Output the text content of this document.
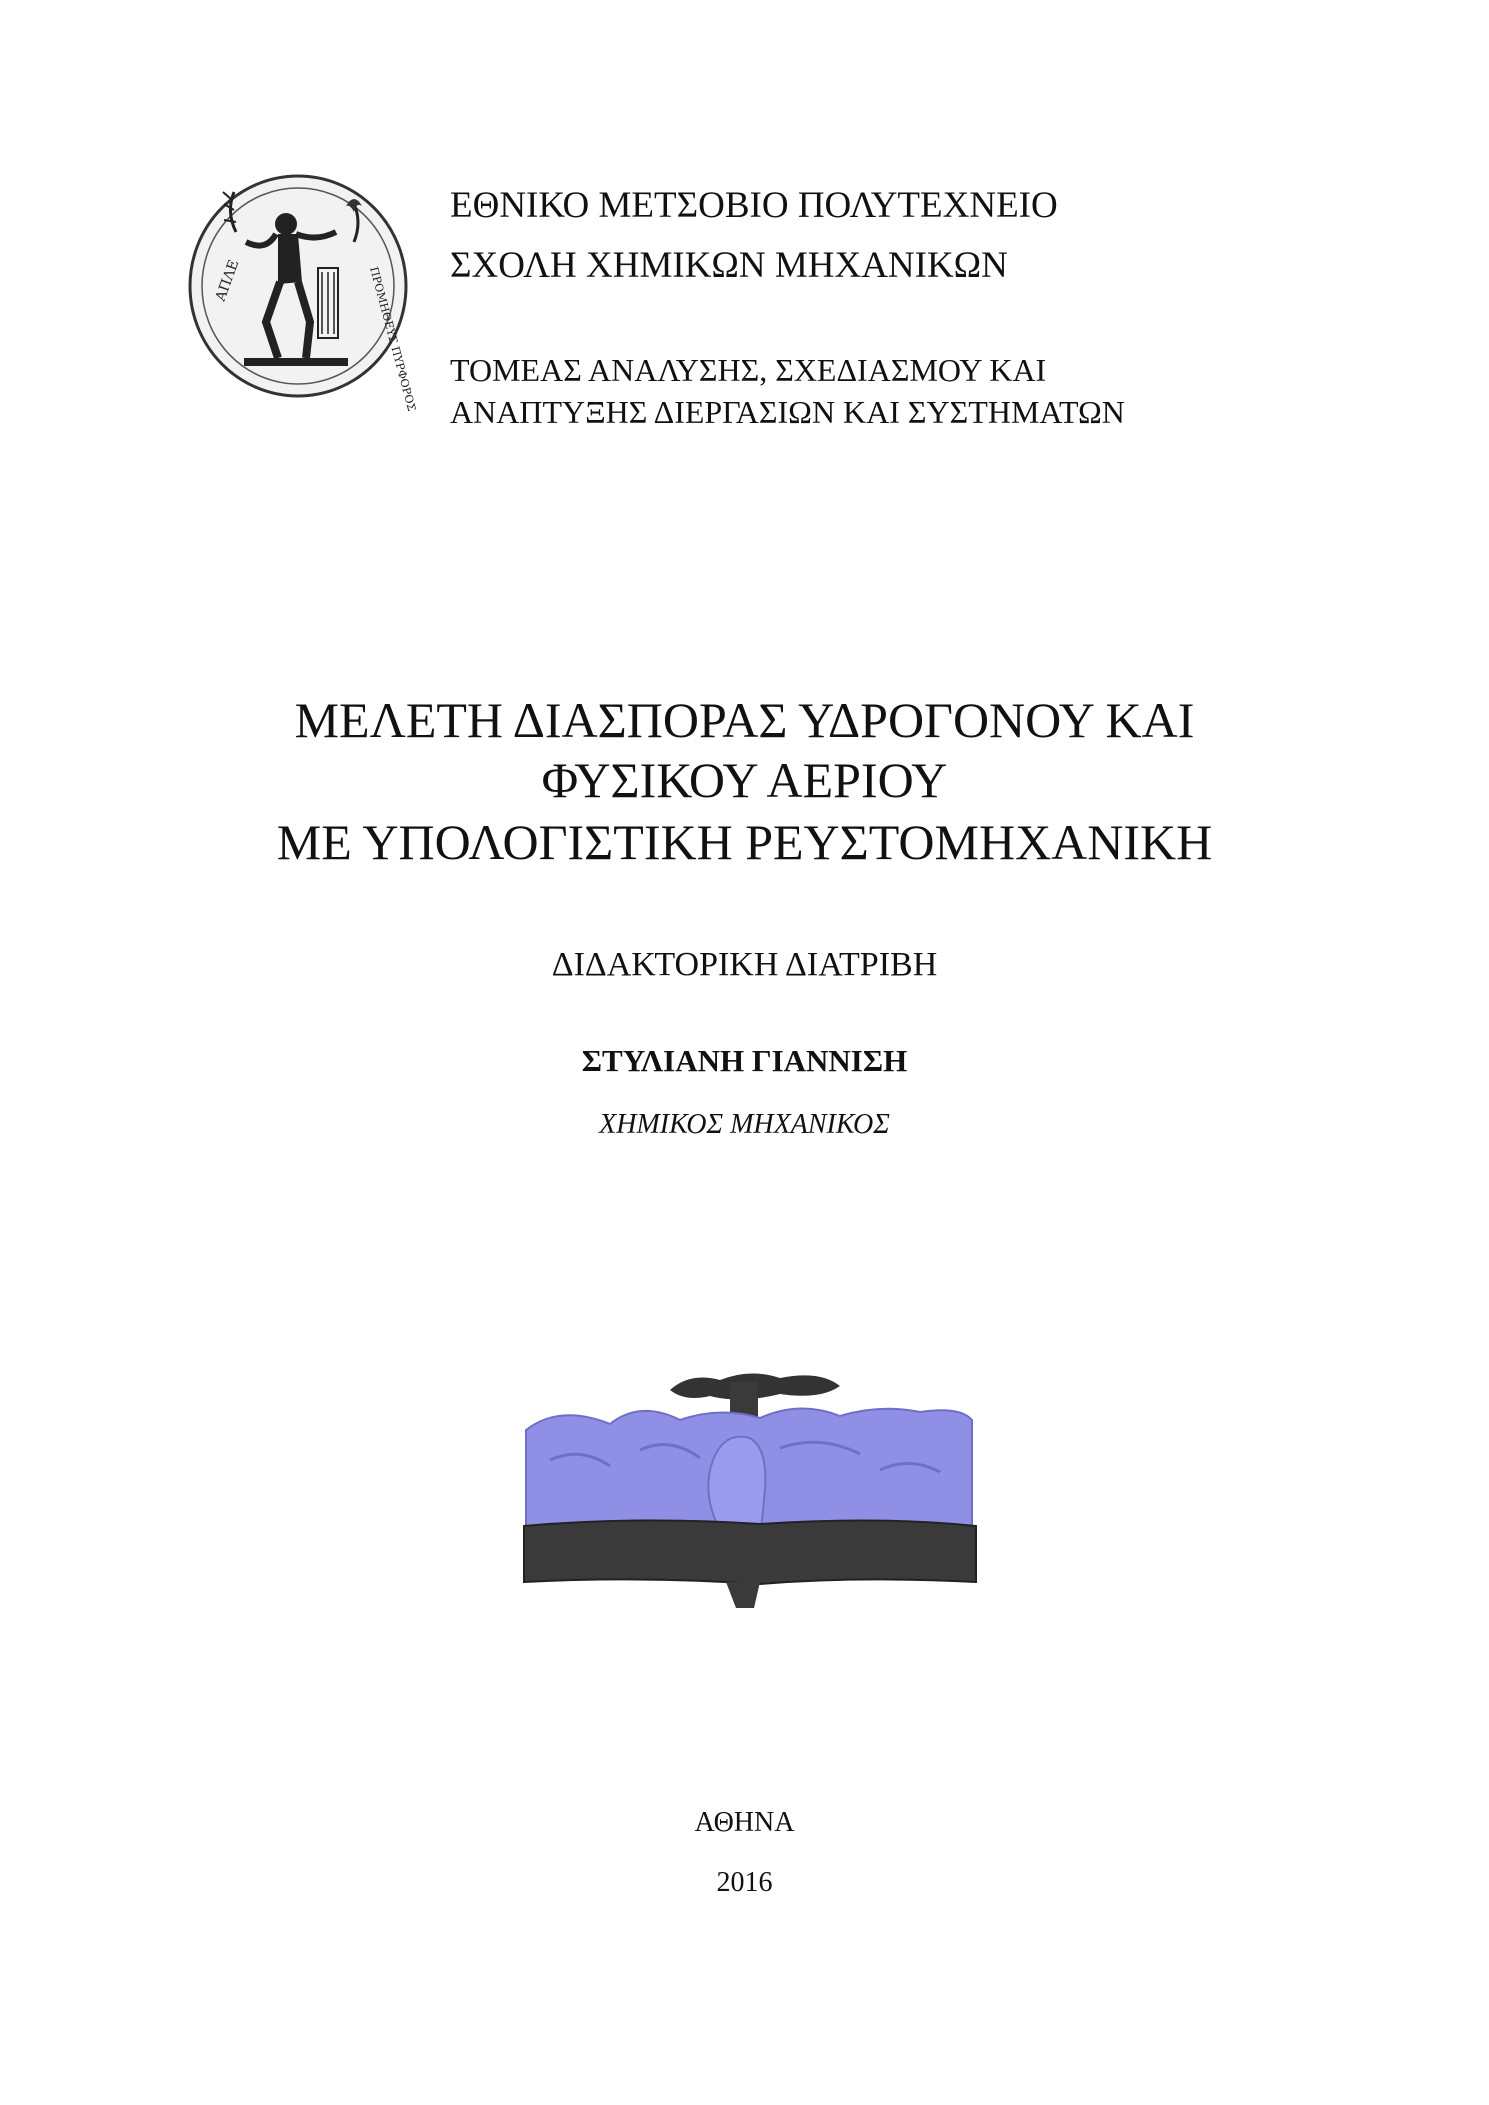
ΑΠΛΕ	ΠΡΟΜΗΘΕΥΣ ΠΥΡΦΟΡΟΣ
ΕΘΝΙΚΟ ΜΕΤΣΟΒΙΟ ΠΟΛΥΤΕΧΝΕΙΟ
ΣΧΟΛΗ ΧΗΜΙΚΩΝ ΜΗΧΑΝΙΚΩΝ
ΤΟΜΕΑΣ ΑΝΑΛΥΣΗΣ, ΣΧΕΔΙΑΣΜΟΥ ΚΑΙ
ΑΝΑΠΤΥΞΗΣ ΔΙΕΡΓΑΣΙΩΝ ΚΑΙ ΣΥΣΤΗΜΑΤΩΝ
ΜΕΛΕΤΗ ΔΙΑΣΠΟΡΑΣ ΥΔΡΟΓΟΝΟΥ ΚΑΙ
ΦΥΣΙΚΟΥ ΑΕΡΙΟΥ
ΜΕ ΥΠΟΛΟΓΙΣΤΙΚΗ ΡΕΥΣΤΟΜΗΧΑΝΙΚΗ
ΔΙΔΑΚΤΟΡΙΚΗ ΔΙΑΤΡΙΒΗ
ΣΤΥΛΙΑΝΗ ΓΙΑΝΝΙΣΗ
ΧΗΜΙΚΟΣ ΜΗΧΑΝΙΚΟΣ
ΑΘΗΝΑ
2016
